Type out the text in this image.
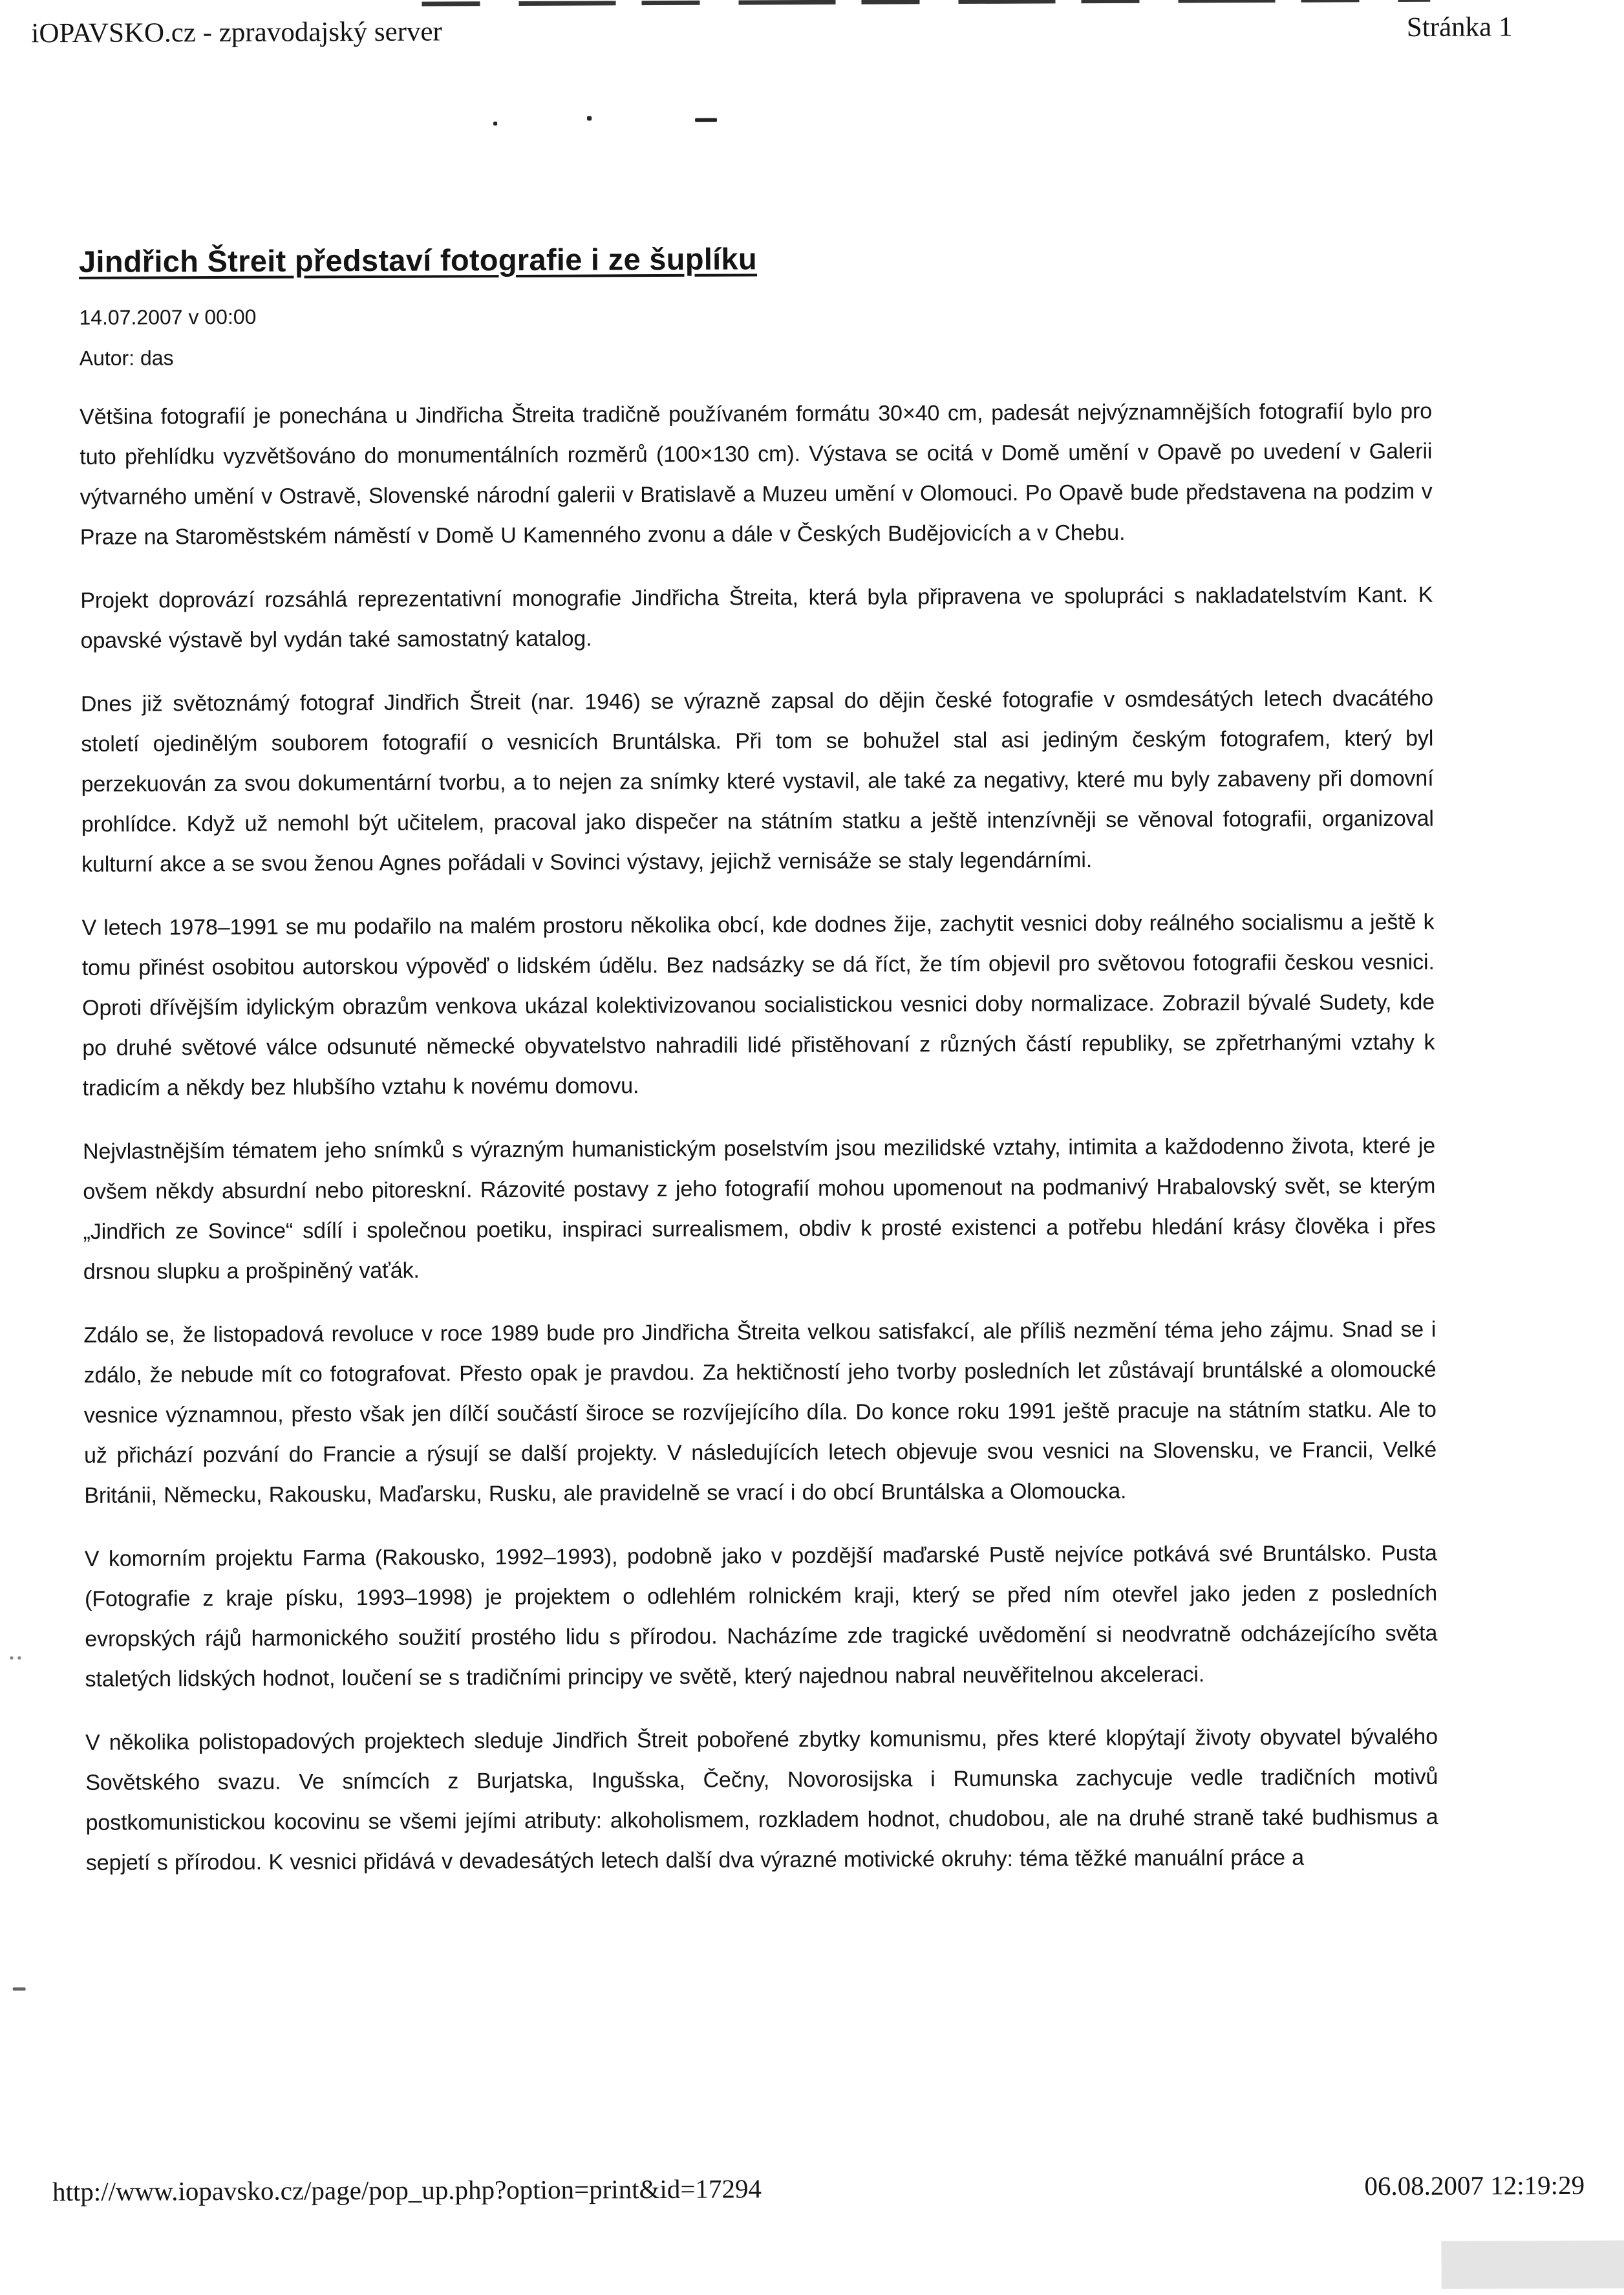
iOPAVSKO.cz - zpravodajský server	Stránka 1
Jindřich Štreit představí fotografie i ze šuplíku
14.07.2007 v 00:00
Autor: das

Většina fotografií je ponechána u Jindřicha Štreita tradičně používaném formátu 30×40 cm, padesát nejvýznamnějších fotografií bylo pro tuto přehlídku vyzvětšováno do monumentálních rozměrů (100×130 cm). Výstava se ocitá v Domě umění v Opavě po uvedení v Galerii výtvarného umění v Ostravě, Slovenské národní galerii v Bratislavě a Muzeu umění v Olomouci. Po Opavě bude představena na podzim v Praze na Staroměstském náměstí v Domě U Kamenného zvonu a dále v Českých Budějovicích a v Chebu.

Projekt doprovází rozsáhlá reprezentativní monografie Jindřicha Štreita, která byla připravena ve spolupráci s nakladatelstvím Kant. K opavské výstavě byl vydán také samostatný katalog.

Dnes již světoznámý fotograf Jindřich Štreit (nar. 1946) se výrazně zapsal do dějin české fotografie v osmdesátých letech dvacátého století ojedinělým souborem fotografií o vesnicích Bruntálska. Při tom se bohužel stal asi jediným českým fotografem, který byl perzekuován za svou dokumentární tvorbu, a to nejen za snímky které vystavil, ale také za negativy, které mu byly zabaveny při domovní prohlídce. Když už nemohl být učitelem, pracoval jako dispečer na státním statku a ještě intenzívněji se věnoval fotografii, organizoval kulturní akce a se svou ženou Agnes pořádali v Sovinci výstavy, jejichž vernisáže se staly legendárními.

V letech 1978–1991 se mu podařilo na malém prostoru několika obcí, kde dodnes žije, zachytit vesnici doby reálného socialismu a ještě k tomu přinést osobitou autorskou výpověď o lidském údělu. Bez nadsázky se dá říct, že tím objevil pro světovou fotografii českou vesnici. Oproti dřívějším idylickým obrazům venkova ukázal kolektivizovanou socialistickou vesnici doby normalizace. Zobrazil bývalé Sudety, kde po druhé světové válce odsunuté německé obyvatelstvo nahradili lidé přistěhovaní z různých částí republiky, se zpřetrhanými vztahy k tradicím a někdy bez hlubšího vztahu k novému domovu.

Nejvlastnějším tématem jeho snímků s výrazným humanistickým poselstvím jsou mezilidské vztahy, intimita a každodenno života, které je ovšem někdy absurdní nebo pitoreskní. Rázovité postavy z jeho fotografií mohou upomenout na podmanivý Hrabalovský svět, se kterým „Jindřich ze Sovince“ sdílí i společnou poetiku, inspiraci surrealismem, obdiv k prosté existenci a potřebu hledání krásy člověka i přes drsnou slupku a prošpiněný vaťák.

Zdálo se, že listopadová revoluce v roce 1989 bude pro Jindřicha Štreita velkou satisfakcí, ale příliš nezmění téma jeho zájmu. Snad se i zdálo, že nebude mít co fotografovat. Přesto opak je pravdou. Za hektičností jeho tvorby posledních let zůstávají bruntálské a olomoucké vesnice významnou, přesto však jen dílčí součástí široce se rozvíjejícího díla. Do konce roku 1991 ještě pracuje na státním statku. Ale to už přichází pozvání do Francie a rýsují se další projekty. V následujících letech objevuje svou vesnici na Slovensku, ve Francii, Velké Británii, Německu, Rakousku, Maďarsku, Rusku, ale pravidelně se vrací i do obcí Bruntálska a Olomoucka.

V komorním projektu Farma (Rakousko, 1992–1993), podobně jako v pozdější maďarské Pustě nejvíce potkává své Bruntálsko. Pusta (Fotografie z kraje písku, 1993–1998) je projektem o odlehlém rolnickém kraji, který se před ním otevřel jako jeden z posledních evropských rájů harmonického soužití prostého lidu s přírodou. Nacházíme zde tragické uvědomění si neodvratně odcházejícího světa staletých lidských hodnot, loučení se s tradičními principy ve světě, který najednou nabral neuvěřitelnou akceleraci.

V několika polistopadových projektech sleduje Jindřich Štreit pobořené zbytky komunismu, přes které klopýtají životy obyvatel bývalého Sovětského svazu. Ve snímcích z Burjatska, Ingušska, Čečny, Novorosijska i Rumunska zachycuje vedle tradičních motivů postkomunistickou kocovinu se všemi jejími atributy: alkoholismem, rozkladem hodnot, chudobou, ale na druhé straně také budhismus a sepjetí s přírodou. K vesnici přidává v devadesátých letech další dva výrazné motivické okruhy: téma těžké manuální práce a

http://www.iopavsko.cz/page/pop_up.php?option=print&id=17294	06.08.2007 12:19:29
